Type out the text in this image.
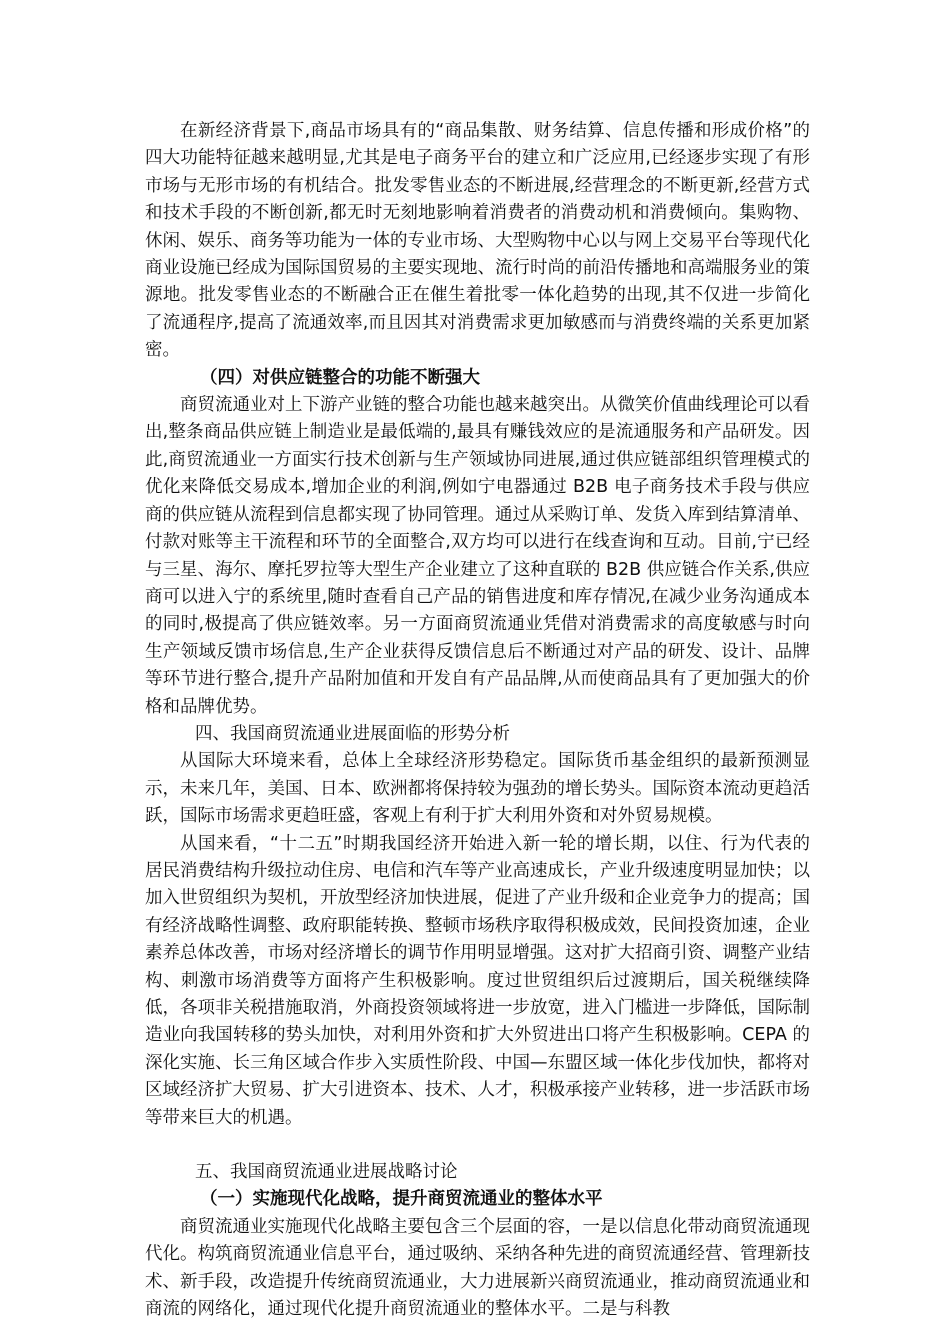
在新经济背景下,商品市场具有的“商品集散、财务结算、信息传播和形成价格”的四大功能特征越来越明显,尤其是电子商务平台的建立和广泛应用,已经逐步实现了有形市场与无形市场的有机结合。批发零售业态的不断进展,经营理念的不断更新,经营方式和技术手段的不断创新,都无时无刻地影响着消费者的消费动机和消费倾向。集购物、休闲、娱乐、商务等功能为一体的专业市场、大型购物中心以与网上交易平台等现代化商业设施已经成为国际国贸易的主要实现地、流行时尚的前沿传播地和高端服务业的策源地。批发零售业态的不断融合正在催生着批零一体化趋势的出现,其不仅进一步简化了流通程序,提高了流通效率,而且因其对消费需求更加敏感而与消费终端的关系更加紧密。

（四）对供应链整合的功能不断强大

商贸流通业对上下游产业链的整合功能也越来越突出。从微笑价值曲线理论可以看出,整条商品供应链上制造业是最低端的,最具有赚钱效应的是流通服务和产品研发。因此,商贸流通业一方面实行技术创新与生产领域协同进展,通过供应链部组织管理模式的优化来降低交易成本,增加企业的利润,例如宁电器通过 B2B 电子商务技术手段与供应商的供应链从流程到信息都实现了协同管理。通过从采购订单、发货入库到结算清单、付款对账等主干流程和环节的全面整合,双方均可以进行在线查询和互动。目前,宁已经与三星、海尔、摩托罗拉等大型生产企业建立了这种直联的 B2B 供应链合作关系,供应商可以进入宁的系统里,随时查看自己产品的销售进度和库存情况,在减少业务沟通成本的同时,极提高了供应链效率。另一方面商贸流通业凭借对消费需求的高度敏感与时向生产领域反馈市场信息,生产企业获得反馈信息后不断通过对产品的研发、设计、品牌等环节进行整合,提升产品附加值和开发自有产品品牌,从而使商品具有了更加强大的价格和品牌优势。

四、我国商贸流通业进展面临的形势分析

从国际大环境来看，总体上全球经济形势稳定。国际货币基金组织的最新预测显示，未来几年，美国、日本、欧洲都将保持较为强劲的增长势头。国际资本流动更趋活跃，国际市场需求更趋旺盛，客观上有利于扩大利用外资和对外贸易规模。

从国来看，“十二五”时期我国经济开始进入新一轮的增长期，以住、行为代表的居民消费结构升级拉动住房、电信和汽车等产业高速成长，产业升级速度明显加快；以加入世贸组织为契机，开放型经济加快进展，促进了产业升级和企业竞争力的提高；国有经济战略性调整、政府职能转换、整顿市场秩序取得积极成效，民间投资加速，企业素养总体改善，市场对经济增长的调节作用明显增强。这对扩大招商引资、调整产业结构、刺激市场消费等方面将产生积极影响。度过世贸组织后过渡期后，国关税继续降低，各项非关税措施取消，外商投资领域将进一步放宽，进入门槛进一步降低，国际制造业向我国转移的势头加快，对利用外资和扩大外贸进出口将产生积极影响。CEPA 的深化实施、长三角区域合作步入实质性阶段、中国—东盟区域一体化步伐加快，都将对区域经济扩大贸易、扩大引进资本、技术、人才，积极承接产业转移，进一步活跃市场等带来巨大的机遇。

五、我国商贸流通业进展战略讨论

（一）实施现代化战略，提升商贸流通业的整体水平

商贸流通业实施现代化战略主要包含三个层面的容，一是以信息化带动商贸流通现代化。构筑商贸流通业信息平台，通过吸纳、采纳各种先进的商贸流通经营、管理新技术、新手段，改造提升传统商贸流通业，大力进展新兴商贸流通业，推动商贸流通业和商流的网络化，通过现代化提升商贸流通业的整体水平。二是与科教
